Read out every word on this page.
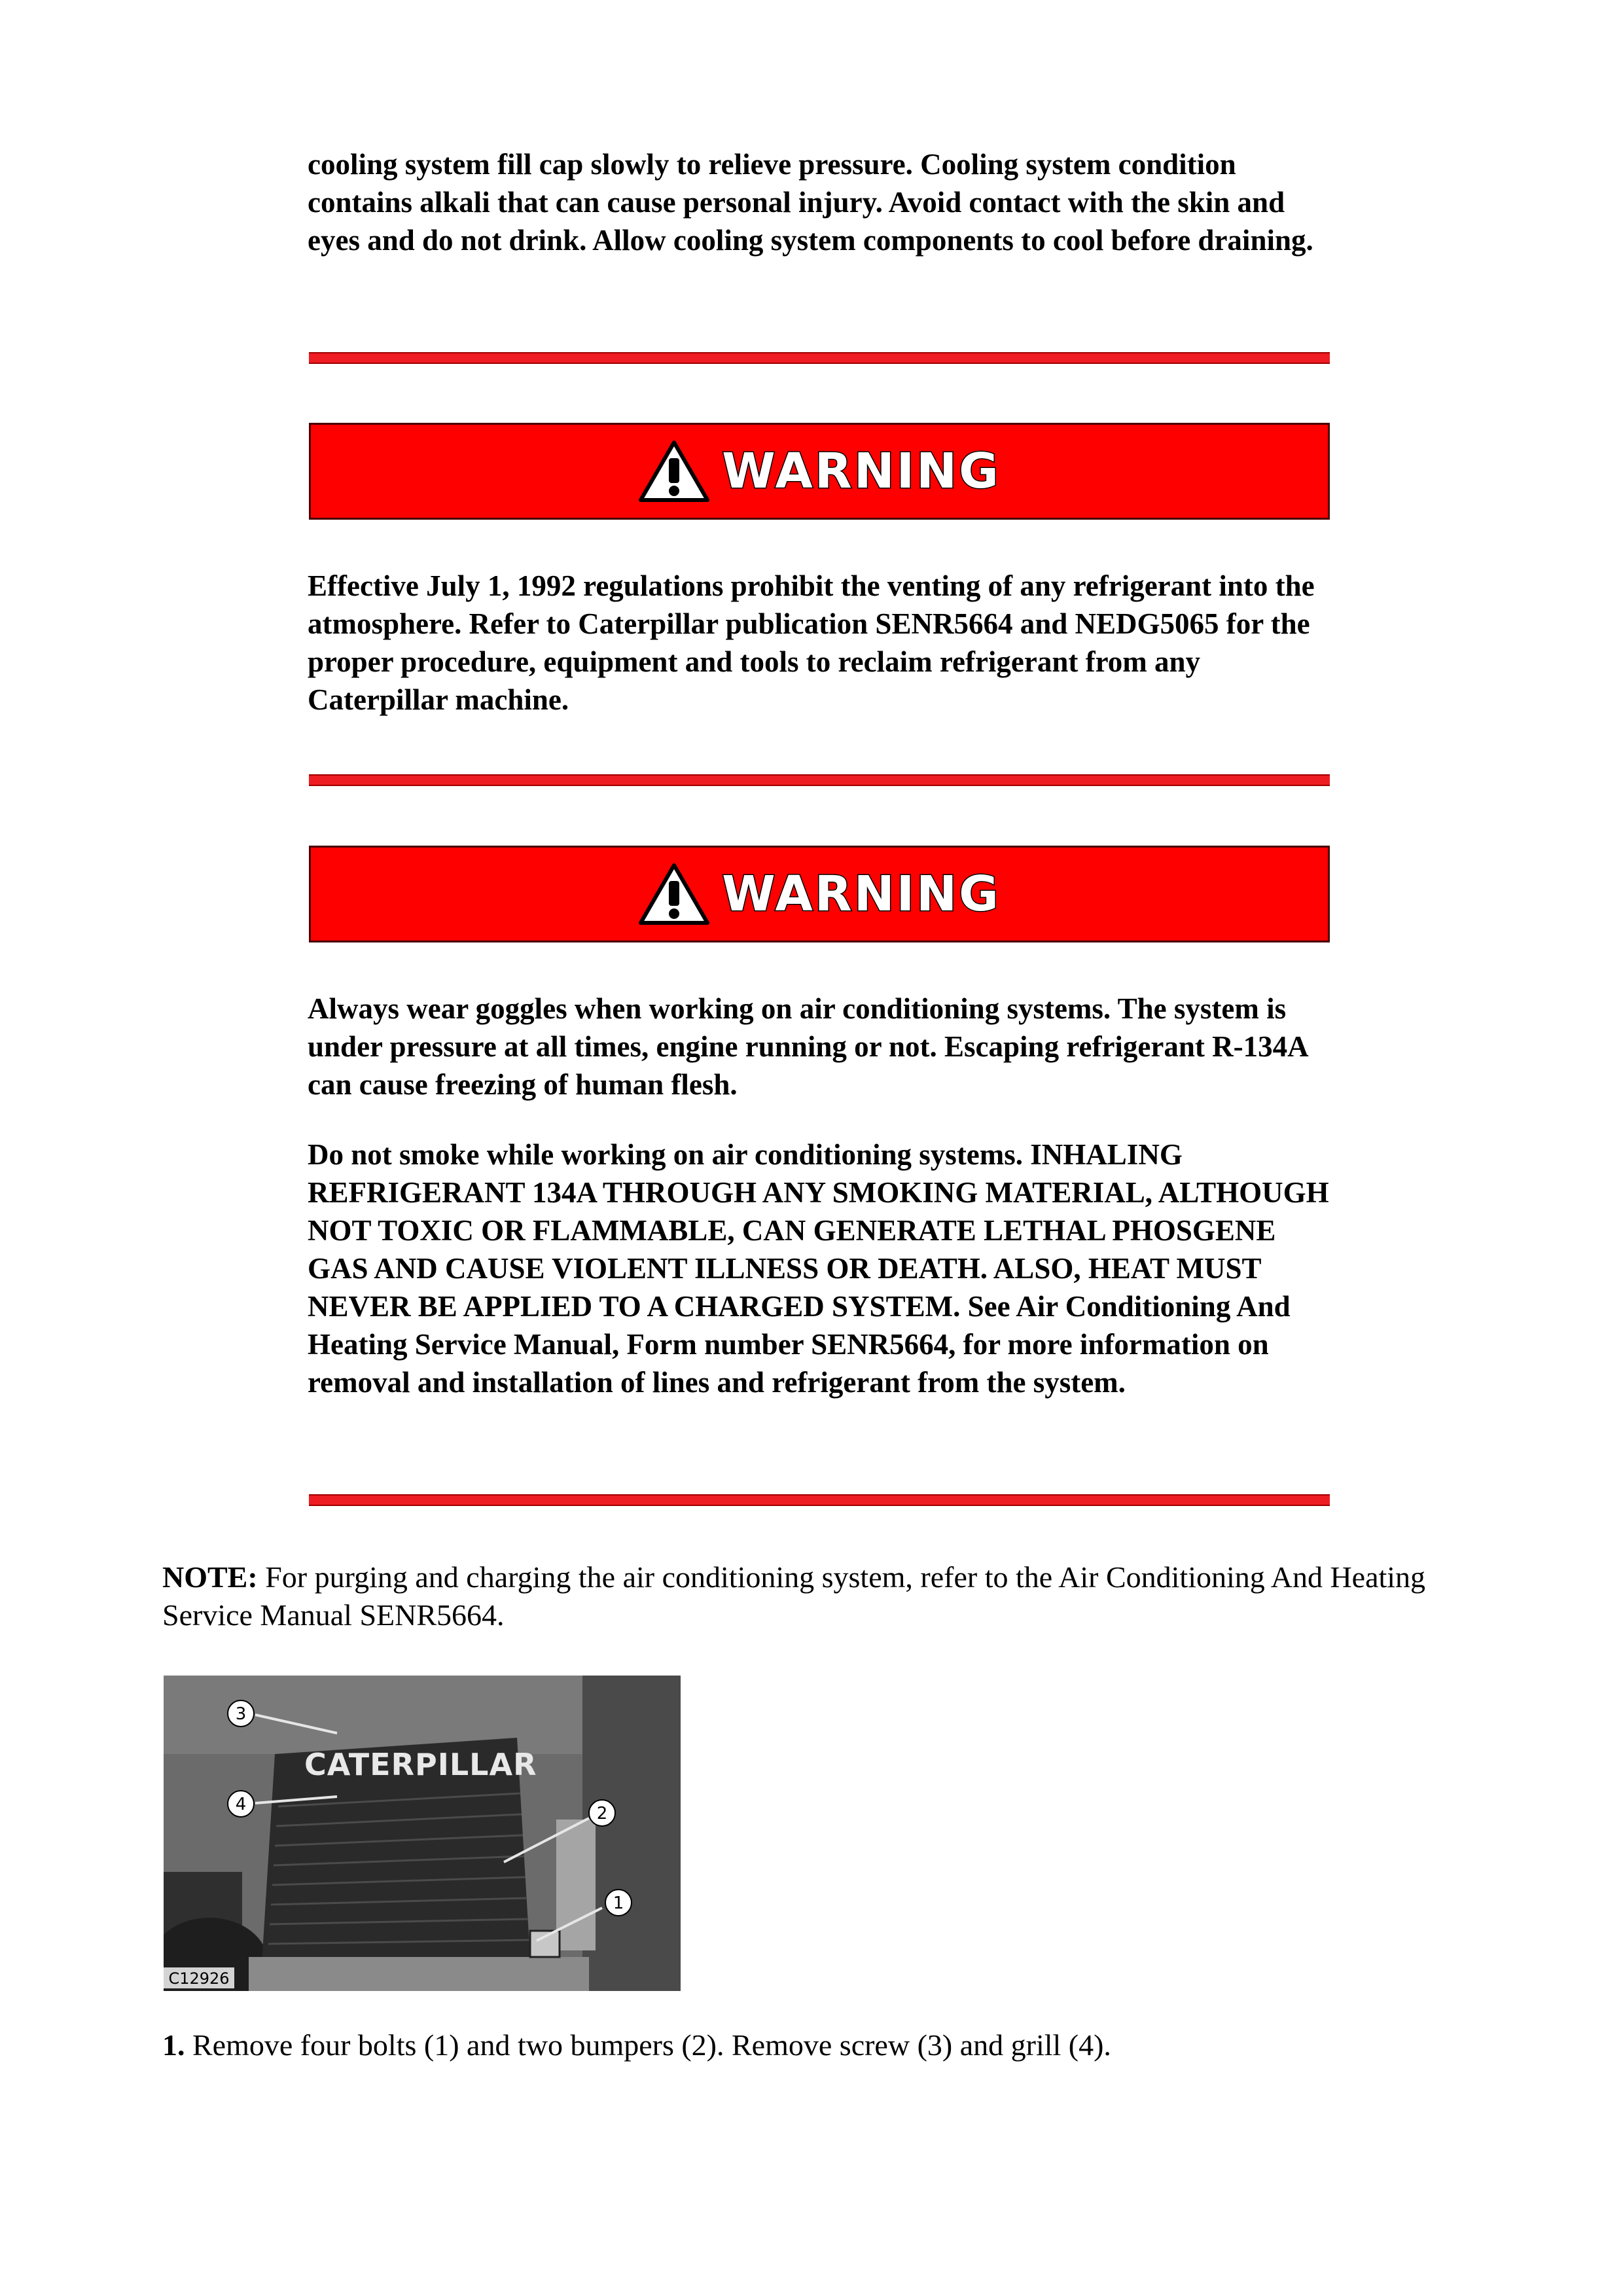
cooling system fill cap slowly to relieve pressure. Cooling system condition contains alkali that can cause personal injury. Avoid contact with the skin and eyes and do not drink. Allow cooling system components to cool before draining.

WARNING

Effective July 1, 1992 regulations prohibit the venting of any refrigerant into the atmosphere. Refer to Caterpillar publication SENR5664 and NEDG5065 for the proper procedure, equipment and tools to reclaim refrigerant from any Caterpillar machine.

WARNING

Always wear goggles when working on air conditioning systems. The system is under pressure at all times, engine running or not. Escaping refrigerant R-134A can cause freezing of human flesh.

Do not smoke while working on air conditioning systems. INHALING REFRIGERANT 134A THROUGH ANY SMOKING MATERIAL, ALTHOUGH NOT TOXIC OR FLAMMABLE, CAN GENERATE LETHAL PHOSGENE GAS AND CAUSE VIOLENT ILLNESS OR DEATH. ALSO, HEAT MUST NEVER BE APPLIED TO A CHARGED SYSTEM. See Air Conditioning And Heating Service Manual, Form number SENR5664, for more information on removal and installation of lines and refrigerant from the system.

NOTE: For purging and charging the air conditioning system, refer to the Air Conditioning And Heating Service Manual SENR5664.

CATERPILLAR
3
4	2
1
C12926

1. Remove four bolts (1) and two bumpers (2). Remove screw (3) and grill (4).
